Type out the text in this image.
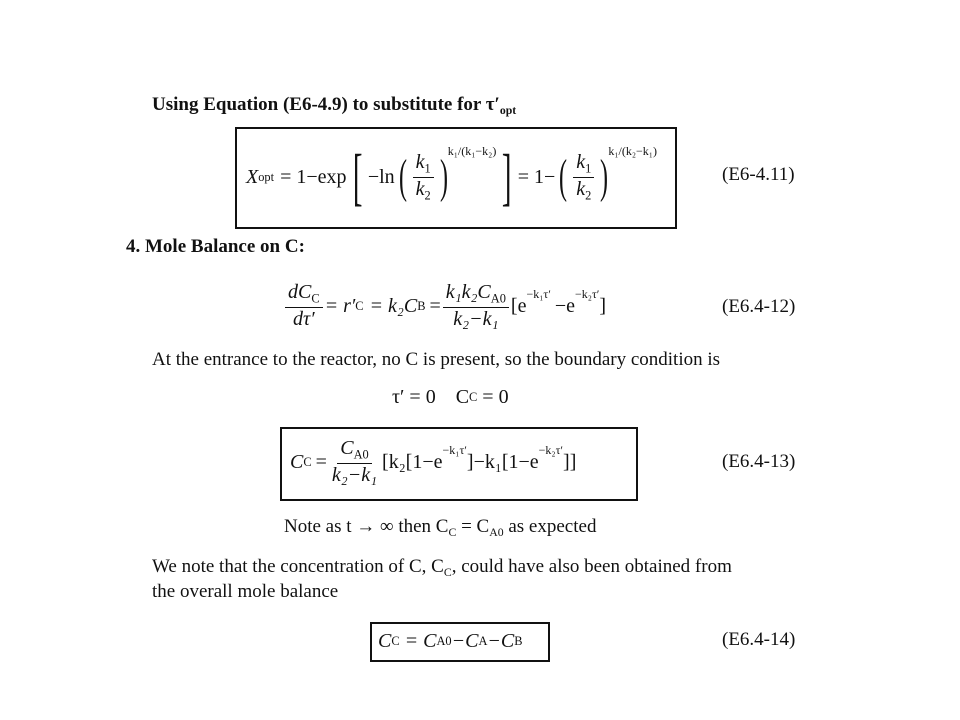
Using Equation (E6-4.9) to substitute for $\tau'_{opt}$
X opt = 1−exp [ −ln ( $\frac{k_1}{k_2}$ ) k₁/(k₁−k₂) ] = 1− ( $\frac{k_1}{k_2}$ ) k₁/(k₂−k₁)
(E6-4.11)
4. Mole Balance on C:
$\frac{dC_C}{d\tau'} = r'$ C = k₂C $B = \frac{k_1k_2C_{A0}}{\text{k₂−k₁}} [e$
−k₁τ′
−e
−k₂τ′
]	(E6.4-12)
At the entrance to the reactor, no C is present, so the boundary condition is
τ′ = 0    C C = 0
C $C = \frac{C_{A0}}{\text{k₂−k₁}} [k_2[1-e$
−k₁τ′
]−k₁[1−e
−k₂τ′
]]	(E6.4-13)
Note as t → ∞ then $C_C = C_{A0}$ as expected
We note that the concentration of C, $C_C$, could have also been obtained from
the overall mole balance
C C = C A0 −C A −C B	(E6.4-14)
